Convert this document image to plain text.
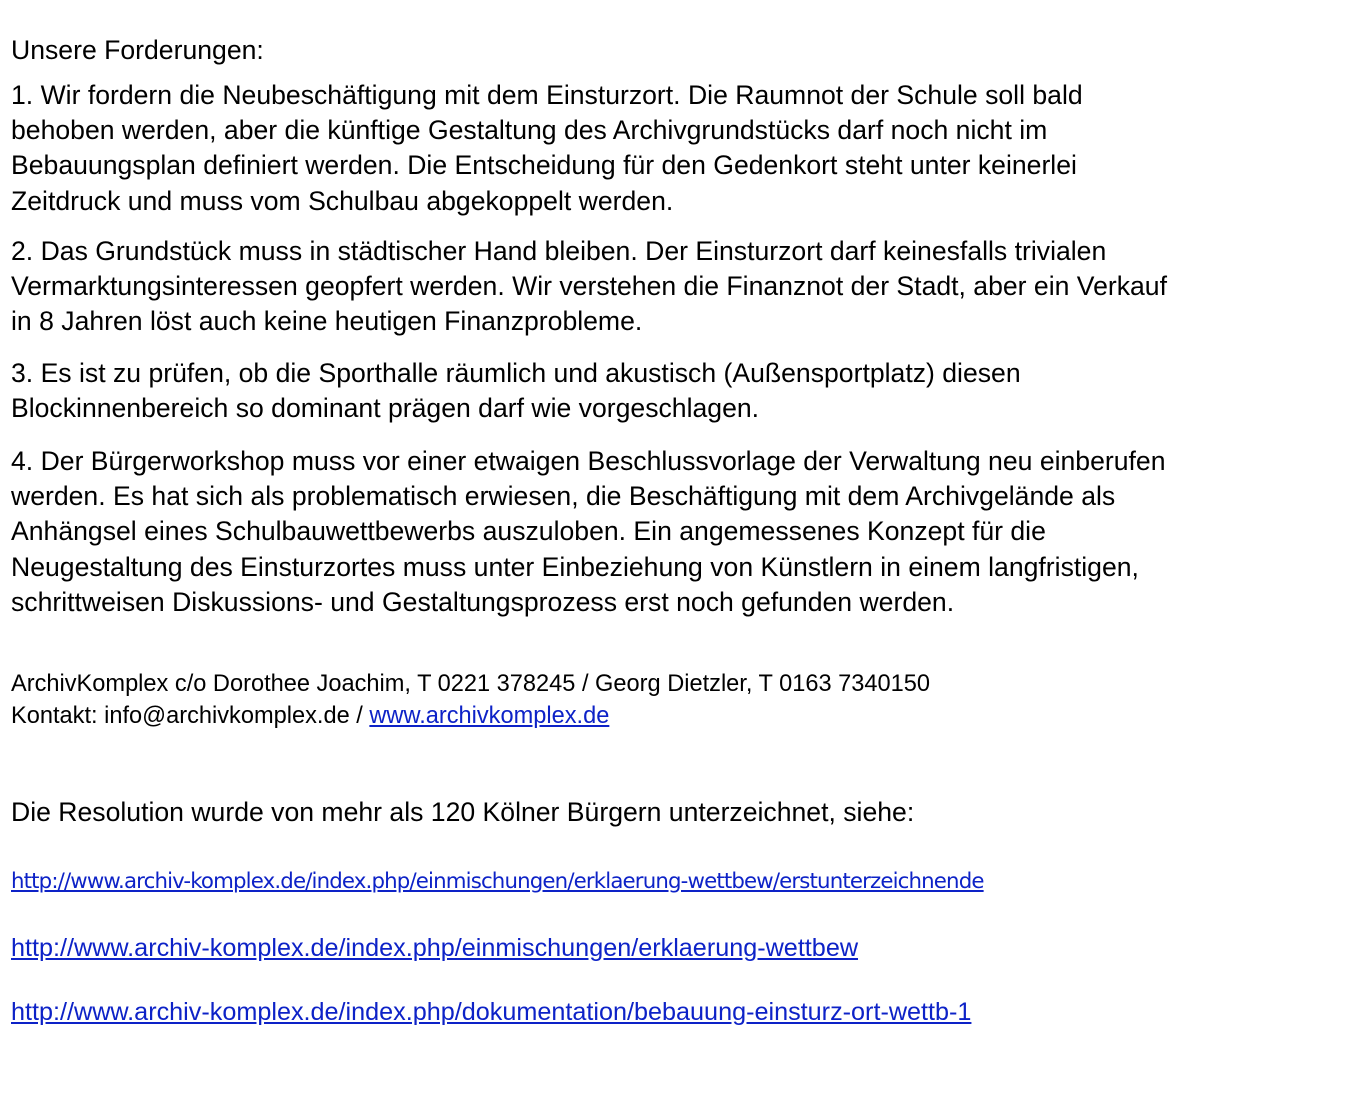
Unsere Forderungen:

1. Wir fordern die Neubeschäftigung mit dem Einsturzort. Die Raumnot der Schule soll bald
behoben werden, aber die künftige Gestaltung des Archivgrundstücks darf noch nicht im
Bebauungsplan definiert werden. Die Entscheidung für den Gedenkort steht unter keinerlei
Zeitdruck und muss vom Schulbau abgekoppelt werden.

2. Das Grundstück muss in städtischer Hand bleiben. Der Einsturzort darf keinesfalls trivialen
Vermarktungsinteressen geopfert werden. Wir verstehen die Finanznot der Stadt, aber ein Verkauf
in 8 Jahren löst auch keine heutigen Finanzprobleme.

3. Es ist zu prüfen, ob die Sporthalle räumlich und akustisch (Außensportplatz) diesen
Blockinnenbereich so dominant prägen darf wie vorgeschlagen.

4. Der Bürgerworkshop muss vor einer etwaigen Beschlussvorlage der Verwaltung neu einberufen
werden. Es hat sich als problematisch erwiesen, die Beschäftigung mit dem Archivgelände als
Anhängsel eines Schulbauwettbewerbs auszuloben. Ein angemessenes Konzept für die
Neugestaltung des Einsturzortes muss unter Einbeziehung von Künstlern in einem langfristigen,
schrittweisen Diskussions- und Gestaltungsprozess erst noch gefunden werden.

ArchivKomplex c/o Dorothee Joachim, T 0221 378245 / Georg Dietzler, T 0163 7340150
Kontakt: info@archivkomplex.de / www.archivkomplex.de
Die Resolution wurde von mehr als 120 Kölner Bürgern unterzeichnet, siehe:
http://www.archiv-komplex.de/index.php/einmischungen/erklaerung-wettbew/erstunterzeichnende
http://www.archiv-komplex.de/index.php/einmischungen/erklaerung-wettbew
http://www.archiv-komplex.de/index.php/dokumentation/bebauung-einsturz-ort-wettb-1
